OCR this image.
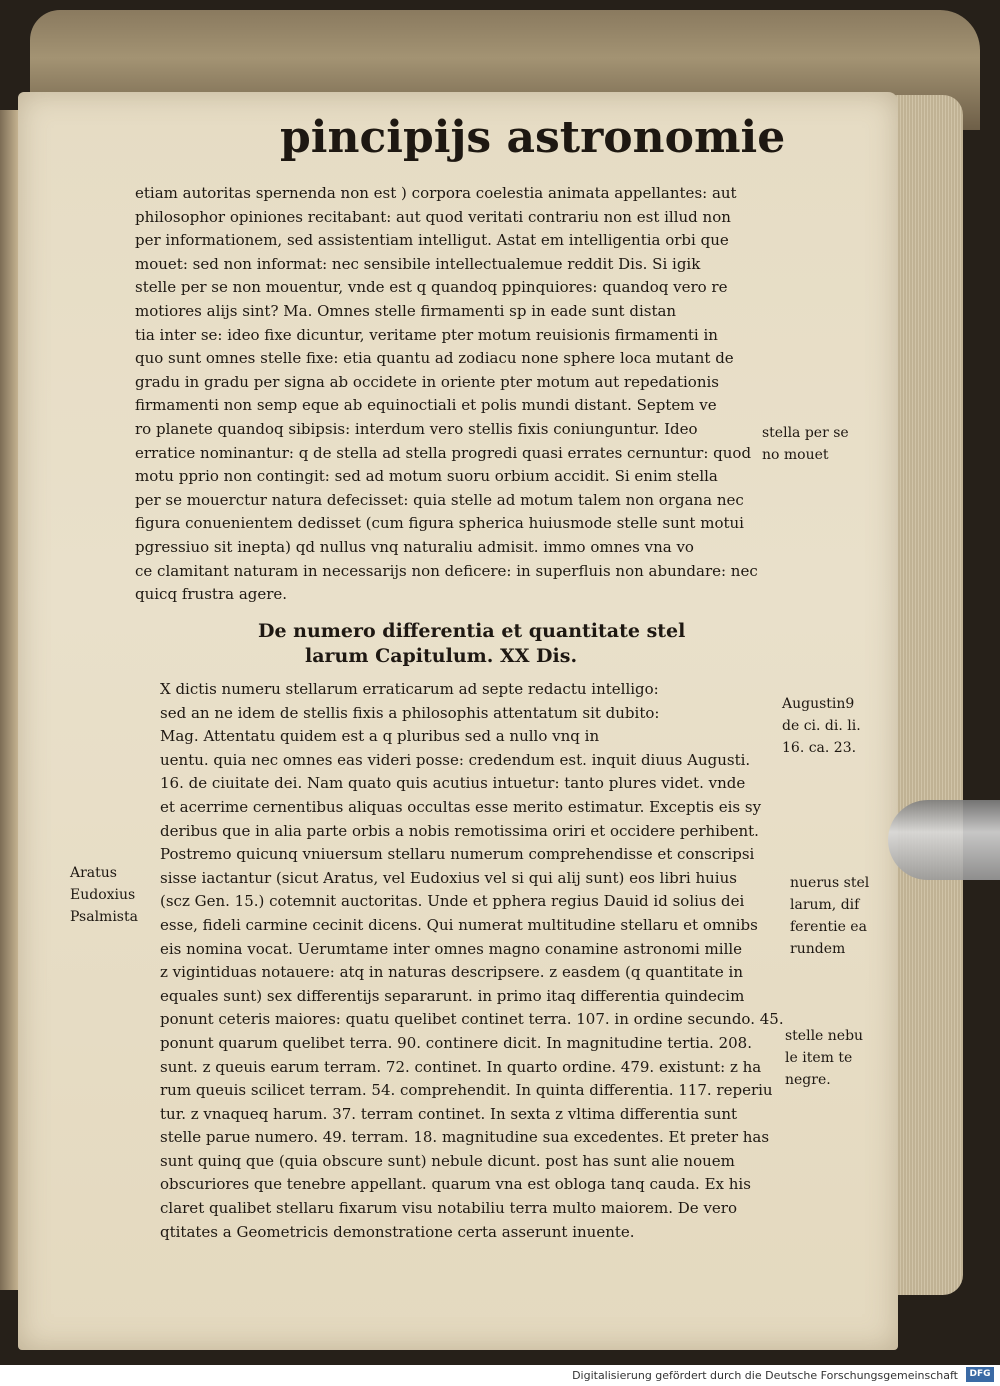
pincipijs astronomie
etiam autoritas spernenda non est ) corpora coelestia animata appellantes: aut
philosophor opiniones recitabant: aut quod veritati contrariu non est illud non
per informationem, sed assistentiam intelligut. Astat em intelligentia orbi que
mouet: sed non informat: nec sensibile intellectualemue reddit Dis. Si igik
stelle per se non mouentur, vnde est q quandoq ppinquiores: quandoq vero re
motiores alijs sint? Ma. Omnes stelle firmamenti sp in eade sunt distan
tia inter se: ideo fixe dicuntur, veritame pter motum reuisionis firmamenti in
quo sunt omnes stelle fixe: etia quantu ad zodiacu none sphere loca mutant de
gradu in gradu per signa ab occidete in oriente pter motum aut repedationis
firmamenti non semp eque ab equinoctiali et polis mundi distant. Septem ve
ro planete quandoq sibipsis: interdum vero stellis fixis coniunguntur. Ideo
erratice nominantur: q de stella ad stella progredi quasi errates cernuntur: quod
motu pprio non contingit: sed ad motum suoru orbium accidit. Si enim stella
per se mouerctur natura defecisset: quia stelle ad motum talem non organa nec
figura conuenientem dedisset (cum figura spherica huiusmode stelle sunt motui
pgressiuo sit inepta) qd nullus vnq naturaliu admisit. immo omnes vna vo
ce clamitant naturam in necessarijs non deficere: in superfluis non abundare: nec
quicq frustra agere.
De numero differentia et quantitate stel
larum Capitulum. XX Dis.
X dictis numeru stellarum erraticarum ad septe redactu intelligo:
sed an ne idem de stellis fixis a philosophis attentatum sit dubito:
Mag. Attentatu quidem est a q pluribus sed a nullo vnq in
uentu. quia nec omnes eas videri posse: credendum est. inquit diuus Augusti.
16. de ciuitate dei. Nam quato quis acutius intuetur: tanto plures videt. vnde
et acerrime cernentibus aliquas occultas esse merito estimatur. Exceptis eis sy
deribus que in alia parte orbis a nobis remotissima oriri et occidere perhibent.
Postremo quicunq vniuersum stellaru numerum comprehendisse et conscripsi
sisse iactantur (sicut Aratus, vel Eudoxius vel si qui alij sunt) eos libri huius
(scz Gen. 15.) cotemnit auctoritas. Unde et pphera regius Dauid id solius dei
esse, fideli carmine cecinit dicens. Qui numerat multitudine stellaru et omnibs
eis nomina vocat. Uerumtame inter omnes magno conamine astronomi mille
z vigintiduas notauere: atq in naturas descripsere. z easdem (q quantitate in
equales sunt) sex differentijs separarunt. in primo itaq differentia quindecim
ponunt ceteris maiores: quatu quelibet continet terra. 107. in ordine secundo. 45.
ponunt quarum quelibet terra. 90. continere dicit. In magnitudine tertia. 208.
sunt. z queuis earum terram. 72. continet. In quarto ordine. 479. existunt: z ha
rum queuis scilicet terram. 54. comprehendit. In quinta differentia. 117. reperiu
tur. z vnaqueq harum. 37. terram continet. In sexta z vltima differentia sunt
stelle parue numero. 49. terram. 18. magnitudine sua excedentes. Et preter has
sunt quinq que (quia obscure sunt) nebule dicunt. post has sunt alie nouem
obscuriores que tenebre appellant. quarum vna est obloga tanq cauda. Ex his
claret qualibet stellaru fixarum visu notabiliu terra multo maiorem. De vero
qtitates a Geometricis demonstratione certa asserunt inuente.
stella per se
no mouet
Augustin9
de ci. di. li.
16. ca. 23.
Aratus
Eudoxius
Psalmista
nuerus stel
larum, dif
ferentie ea
rundem
stelle nebu
le item te
negre.
Digitalisierung gefördert durch die Deutsche Forschungsgemeinschaft	DFG
